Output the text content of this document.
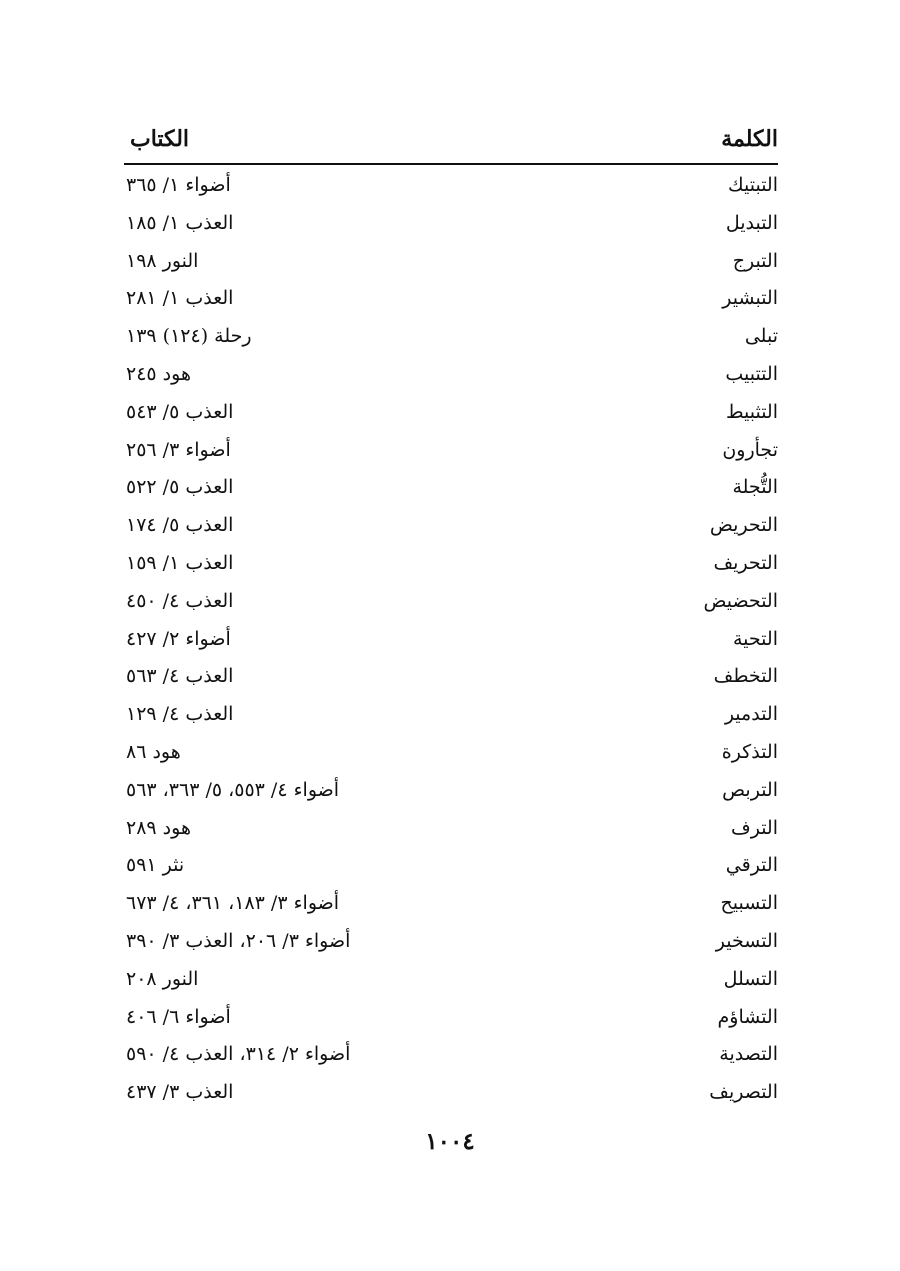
الكلمة
الكتاب
التبتيك
أضواء ١/ ٣٦٥
التبديل
العذب ١/ ١٨٥
التبرج
النور ١٩٨
التبشير
العذب ١/ ٢٨١
تبلى
رحلة (١٢٤) ١٣٩
التتبيب
هود ٢٤٥
التثبيط
العذب ٥/ ٥٤٣
تجأرون
أضواء ٣/ ٢٥٦
التُّجلة
العذب ٥/ ٥٢٢
التحريض
العذب ٥/ ١٧٤
التحريف
العذب ١/ ١٥٩
التحضيض
العذب ٤/ ٤٥٠
التحية
أضواء ٢/ ٤٢٧
التخطف
العذب ٤/ ٥٦٣
التدمير
العذب ٤/ ١٢٩
التذكرة
هود ٨٦
التربص
أضواء ٤/ ٥٥٣، ٥/ ٣٦٣، ٥٦٣
الترف
هود ٢٨٩
الترقي
نثر ٥٩١
التسبيح
أضواء ٣/ ١٨٣، ٣٦١، ٤/ ٦٧٣
التسخير
أضواء ٣/ ٢٠٦، العذب ٣/ ٣٩٠
التسلل
النور ٢٠٨
التشاؤم
أضواء ٦/ ٤٠٦
التصدية
أضواء ٢/ ٣١٤، العذب ٤/ ٥٩٠
التصريف
العذب ٣/ ٤٣٧
١٠٠٤
